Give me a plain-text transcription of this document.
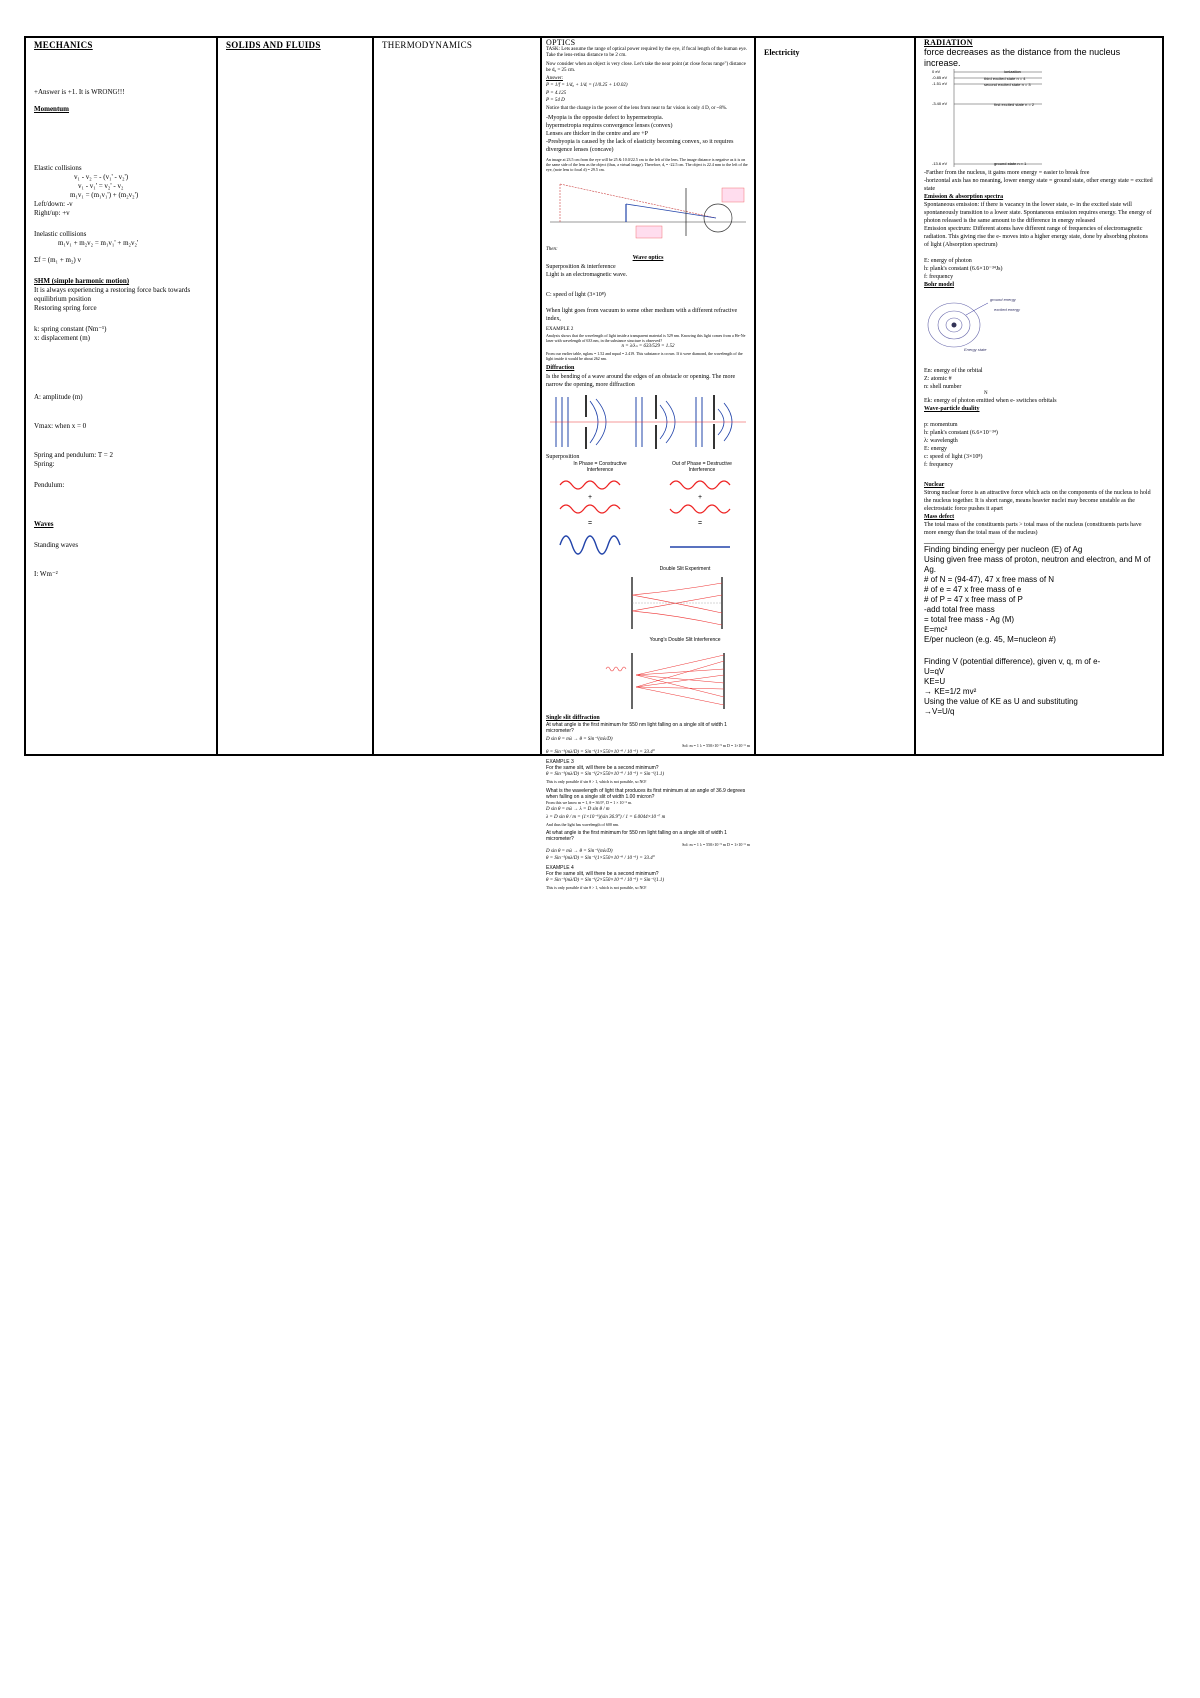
MECHANICS
+Answer is +1. It is WRONG!!!
Momentum
Elastic collisions
v₁ - v₂ = - (v₁' - v₂')
v₁ - v₁' = v₂' - v₂
m₁v₁ = (m₁v₁') + (m₂v₂')
Left/down: -v
Right/up: +v
Inelastic collisions
m₁v₁ + m₂v₂ = m₁v₁' + m₂v₂'
Σf = (m₁ + m₂) v
SHM (simple harmonic motion)
It is always experiencing a restoring force back towards equilibrium position
Restoring spring force
k: spring constant (Nm⁻¹)
x: displacement (m)
A: amplitude (m)
Vmax: when x = 0
Spring and pendulum: T = 2
Spring:
Pendulum:
Waves
Standing waves
I: Wm⁻²
SOLIDS AND FLUIDS	THERMODYNAMICS	OPTICS
TASK: Lets assume the range of optical power required by the eye, if focal length of the human eye. Take the lens-retina distance to be 2 cm.
Now consider when an object is very close. Let's take the near point (at close focus range") distance be d₀ = 25 cm.
Answer:
P = 1/f = 1/d₀ + 1/dᵢ = (1/0.25 + 1/0.02)
P = 4.125
P = 54 D
Notice that the change in the power of the lens from near to far vision is only 4 D, or ~8%.
-Myopia is the opposite defect to hypermetropia.
hypermetropia requires convergence lenses (convex)
Lenses are thicker in the centre and are +P
-Presbyopia is caused by the lack of elasticity becoming convex, so it requires divergence lenses (concave)
An image at 23.5 cm from the eye will be 25 & 10.0/22.5 cm to the left of the lens. The image distance is negative as it is on the same side of the lens as the object (thus, a virtual image). Therefore, dᵢ = -22.5 cm. The object is 22.4 mm to the left of the eye, (note lens to focal d) = 29.5 cm.
Then:
Wave optics
Superposition & interference
Light is an electromagnetic wave.
C: speed of light (3×10⁸)
When light goes from vacuum to some other medium with a different refractive index,
EXAMPLE 2
Analysis shows that the wavelength of light inside a transparent material is 529 nm. Knowing this light comes from a He-Ne laser with wavelength of 633 nm, in the substance structure is observed?
n = λ/λₙ = 633/529 = 1.52
From our earlier table, nglass = 1.52 and nqual = 2.419. This substance is crown. If it were diamond, the wavelength of the light inside it would be about 262 nm.
Diffraction
Is the bending of a wave around the edges of an obstacle or opening. The more narrow the opening, more diffraction
Superposition
In Phase = Constructive Interference
Out of Phase = Destructive Interference
+
=
+
=
Double Slit Experiment
Young's Double Slit Interference
Single slit diffraction
At what angle is the first minimum for 550 nm light falling on a single slit of width 1 micrometer?
D sin θ = mλ → θ = Sin⁻¹(mλ/D)
Sol: m = 1 λ = 550×10⁻⁹ m D = 1×10⁻⁶ m
θ = Sin⁻¹(mλ/D) = Sin⁻¹(1×550×10⁻⁹ / 10⁻⁶) = 33.4°
EXAMPLE 3
For the same slit, will there be a second minimum?
θ = Sin⁻¹(mλ/D) = Sin⁻¹(2×550×10⁻⁹ / 10⁻⁶) = Sin⁻¹(1.1)
This is only possible if sin θ > 1, which is not possible, so NO!
What is the wavelength of light that produces its first minimum at an angle of 36.9 degrees when falling on a single slit of width 1.00 micron?
From this we know m = 1, θ = 36.9°, D = 1 × 10⁻⁶ m.
D sin θ = mλ → λ = D sin θ / m
λ = D sin θ / m = (1×10⁻⁶)(sin 36.9°) / 1 = 6.0044×10⁻⁷ m
And thus the light has wavelength of 600 nm.
At what angle is the first minimum for 550 nm light falling on a single slit of width 1 micrometer?
Sol: m = 1 λ = 550×10⁻⁹ m D = 1×10⁻⁶ m
D sin θ = mλ → θ = Sin⁻¹(mλ/D)
θ = Sin⁻¹(mλ/D) = Sin⁻¹(1×550×10⁻⁹ / 10⁻⁶) = 33.4°
EXAMPLE 4
For the same slit, will there be a second minimum?
θ = Sin⁻¹(mλ/D) = Sin⁻¹(2×550×10⁻⁹ / 10⁻⁶) = Sin⁻¹(1.1)
This is only possible if sin θ > 1, which is not possible, so NO!
Electricity
RADIATION
force decreases as the distance from the nucleus increase.
0 eV
-0.85 eV
-1.51 eV
-3.40 eV
-13.6 eV
ionization
third excited state n = 4
second excited state n = 3
first excited state n = 2
ground state n = 1
-Farther from the nucleus, it gains more energy = easier to break free
-horizontal axis has no meaning, lower energy state = ground state, other energy state = excited state
Emission & absorption spectra
Spontaneous emission: if there is vacancy in the lower state, e- in the excited state will spontaneously transition to a lower state. Spontaneous emission requires energy. The energy of photon released is the same amount to the difference in energy released
Emission spectrum: Different atoms have different range of frequencies of electromagnetic radiation. This giving rise the e- moves into a higher energy state, done by absorbing photons of light (Absorption spectrum)
E: energy of photon
h: plank's constant (6.6×10⁻³⁴Js)
f: frequency
Bohr model
ground energy
excited energy
Energy state
En: energy of the orbital
Z: atomic #
n: shell number
N
Ek: energy of photon emitted when e- switches orbitals
Wave-particle duality
p: momentum
h: plank's constant (6.6×10⁻³⁴)
λ: wavelength
E: energy
c: speed of light (3×10⁸)
f: frequency
Nuclear
Strong nuclear force is an attractive force which acts on the components of the nucleus to hold the nucleus together. It is short range, means heavier nuclei may become unstable as the electrostatic force pushes it apart
Mass defect
The total mass of the constituents parts > total mass of the nucleus (constituents parts have more energy than the total mass of the nucleus)
___________________
Finding binding energy per nucleon (E) of Ag
Using given free mass of proton, neutron and electron, and M of Ag.
# of N = (94-47), 47 x free mass of N
# of e = 47 x free mass of e
# of P = 47 x free mass of P
-add total free mass
= total free mass - Ag (M)
E=mc²
E/per nucleon (e.g. 45, M=nucleon #)
Finding V (potential difference), given v, q, m of e-
U=qV
KE=U
→ KE=1/2 mv²
Using the value of KE as U and substituting
→V=U/q
